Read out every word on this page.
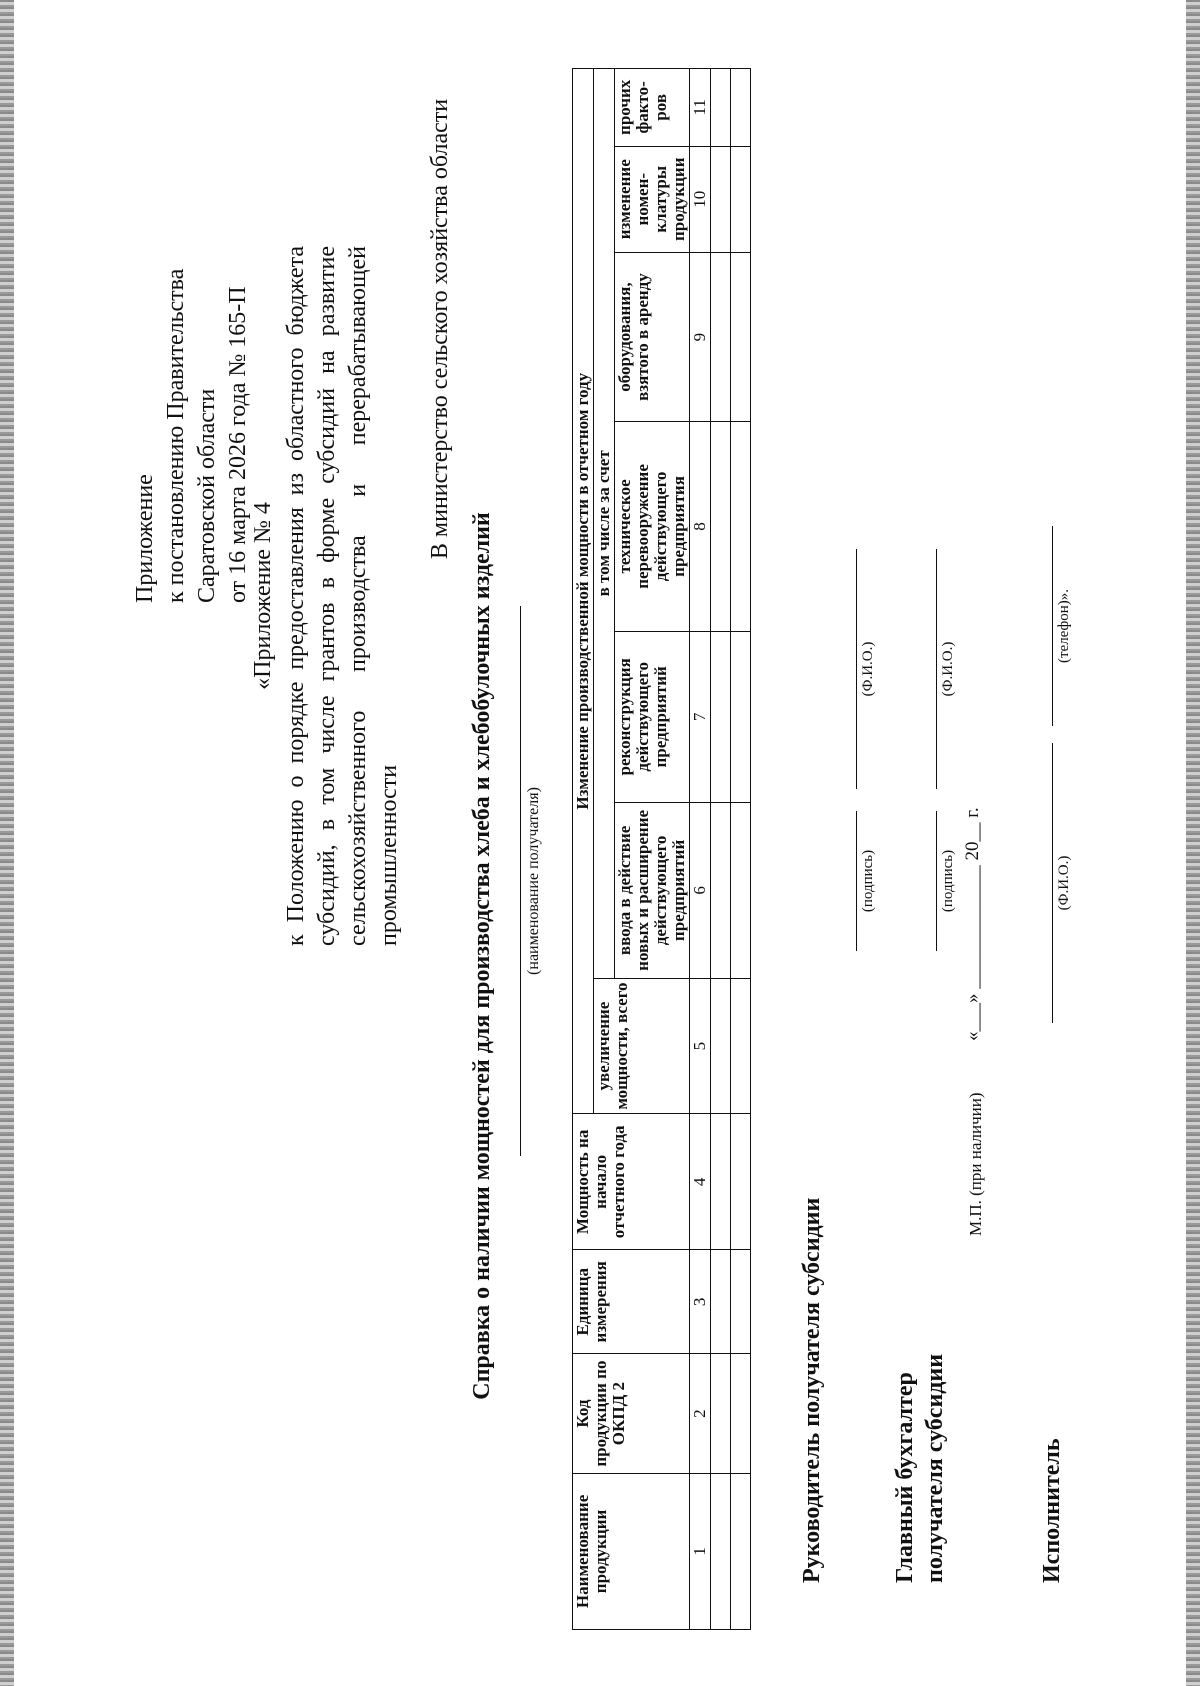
Приложение к постановлению Правительства Саратовской области от 16 марта 2026 года № 165-П «Приложение № 4 к Положению о порядке предоставления из областного бюджета субсидий, в том числе грантов в форме субсидий на развитие сельскохозяйственного производства и перерабатывающей промышленности
В министерство сельского хозяйства области
Справка о наличии мощностей для производства хлеба и хлебобулочных изделий (наименование получателя)
Наименование продукции	Код продукции по ОКПД 2	Единица измерения	Мощность на начало отчетного года	Изменение производственной мощности в отчетном году						
				увеличение мощности, всего	в том числе за счет					
					ввода в действие новых и расширение действующего предприятий	реконструкция действующего предприятий	техническое перевооружение действующего предприятия	оборудования, взятого в аренду	изменение номен-клатуры продукции	прочих факто-ров
1	2	3	4	5	6	7	8	9	10	11

Руководитель получателя субсидии
(подпись)
(Ф.И.О.)
Главный бухгалтер получателя субсидии
(подпись)
(Ф.И.О.)
М.П. (при наличии)
«___» _____________ 20__ г.
Исполнитель
(Ф.И.О.)
(телефон)».
